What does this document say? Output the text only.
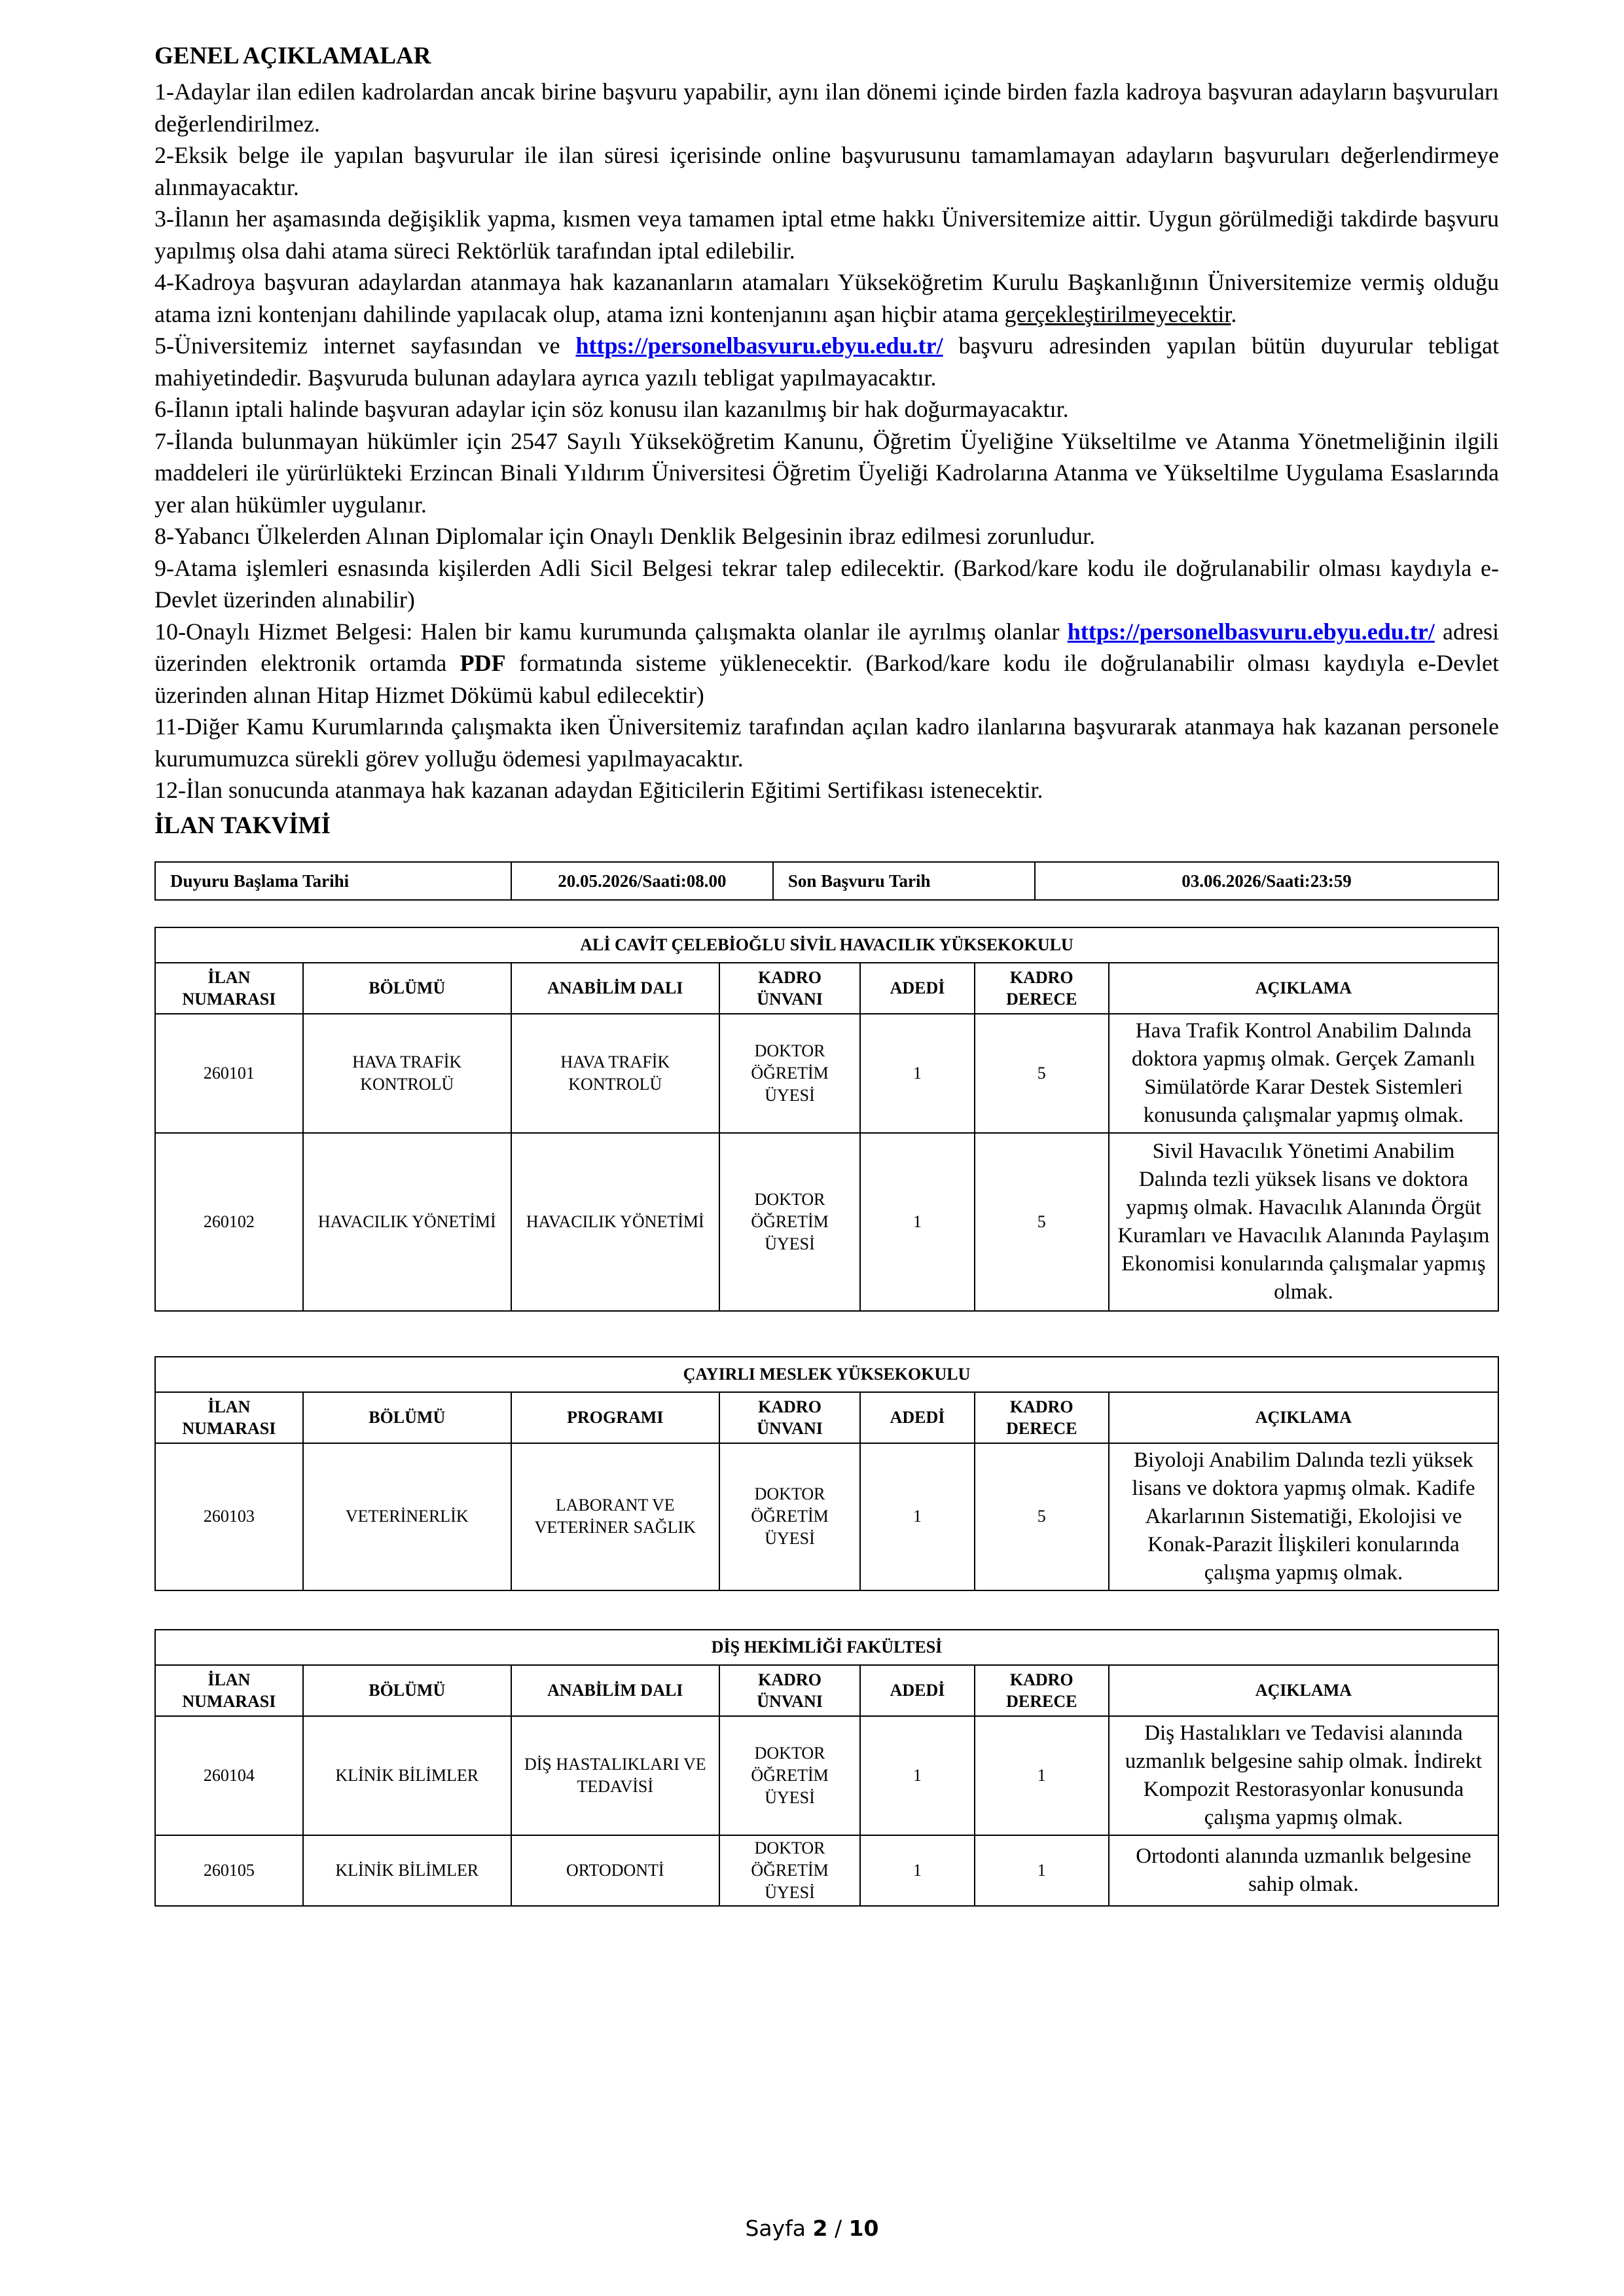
GENEL AÇIKLAMALAR

1-Adaylar ilan edilen kadrolardan ancak birine başvuru yapabilir, aynı ilan dönemi içinde birden fazla kadroya başvuran adayların başvuruları değerlendirilmez.

2-Eksik belge ile yapılan başvurular ile ilan süresi içerisinde online başvurusunu tamamlamayan adayların başvuruları değerlendirmeye alınmayacaktır.

3-İlanın her aşamasında değişiklik yapma, kısmen veya tamamen iptal etme hakkı Üniversitemize aittir. Uygun görülmediği takdirde başvuru yapılmış olsa dahi atama süreci Rektörlük tarafından iptal edilebilir.

4-Kadroya başvuran adaylardan atanmaya hak kazananların atamaları Yükseköğretim Kurulu Başkanlığının Üniversitemize vermiş olduğu atama izni kontenjanı dahilinde yapılacak olup, atama izni kontenjanını aşan hiçbir atama gerçekleştirilmeyecektir.

5-Üniversitemiz internet sayfasından ve https://personelbasvuru.ebyu.edu.tr/ başvuru adresinden yapılan bütün duyurular tebligat mahiyetindedir. Başvuruda bulunan adaylara ayrıca yazılı tebligat yapılmayacaktır.

6-İlanın iptali halinde başvuran adaylar için söz konusu ilan kazanılmış bir hak doğurmayacaktır.

7-İlanda bulunmayan hükümler için 2547 Sayılı Yükseköğretim Kanunu, Öğretim Üyeliğine Yükseltilme ve Atanma Yönetmeliğinin ilgili maddeleri ile yürürlükteki Erzincan Binali Yıldırım Üniversitesi Öğretim Üyeliği Kadrolarına Atanma ve Yükseltilme Uygulama Esaslarında yer alan hükümler uygulanır.

8-Yabancı Ülkelerden Alınan Diplomalar için Onaylı Denklik Belgesinin ibraz edilmesi zorunludur.

9-Atama işlemleri esnasında kişilerden Adli Sicil Belgesi tekrar talep edilecektir. (Barkod/kare kodu ile doğrulanabilir olması kaydıyla e-Devlet üzerinden alınabilir)

10-Onaylı Hizmet Belgesi: Halen bir kamu kurumunda çalışmakta olanlar ile ayrılmış olanlar https://personelbasvuru.ebyu.edu.tr/ adresi üzerinden elektronik ortamda PDF formatında sisteme yüklenecektir. (Barkod/kare kodu ile doğrulanabilir olması kaydıyla e-Devlet üzerinden alınan Hitap Hizmet Dökümü kabul edilecektir)

11-Diğer Kamu Kurumlarında çalışmakta iken Üniversitemiz tarafından açılan kadro ilanlarına başvurarak atanmaya hak kazanan personele kurumumuzca sürekli görev yolluğu ödemesi yapılmayacaktır.

12-İlan sonucunda atanmaya hak kazanan adaydan Eğiticilerin Eğitimi Sertifikası istenecektir.

İLAN TAKVİMİ

Duyuru Başlama Tarihi	20.05.2026/Saati:08.00	Son Başvuru Tarih	03.06.2026/Saati:23:59
ALİ CAVİT ÇELEBİOĞLU SİVİL HAVACILIK YÜKSEKOKULU						
İLAN NUMARASI	BÖLÜMÜ	ANABİLİM DALI	KADRO ÜNVANI	ADEDİ	KADRO DERECE	AÇIKLAMA
260101	HAVA TRAFİK KONTROLÜ	HAVA TRAFİK KONTROLÜ	DOKTOR ÖĞRETİM ÜYESİ	1	5	Hava Trafik Kontrol Anabilim Dalında doktora yapmış olmak. Gerçek Zamanlı Simülatörde Karar Destek Sistemleri konusunda çalışmalar yapmış olmak.
260102	HAVACILIK YÖNETİMİ	HAVACILIK YÖNETİMİ	DOKTOR ÖĞRETİM ÜYESİ	1	5	Sivil Havacılık Yönetimi Anabilim Dalında tezli yüksek lisans ve doktora yapmış olmak. Havacılık Alanında Örgüt Kuramları ve Havacılık Alanında Paylaşım Ekonomisi konularında çalışmalar yapmış olmak.
ÇAYIRLI MESLEK YÜKSEKOKULU						
İLAN NUMARASI	BÖLÜMÜ	PROGRAMI	KADRO ÜNVANI	ADEDİ	KADRO DERECE	AÇIKLAMA
260103	VETERİNERLİK	LABORANT VE VETERİNER SAĞLIK	DOKTOR ÖĞRETİM ÜYESİ	1	5	Biyoloji Anabilim Dalında tezli yüksek lisans ve doktora yapmış olmak. Kadife Akarlarının Sistematiği, Ekolojisi ve Konak-Parazit İlişkileri konularında çalışma yapmış olmak.
DİŞ HEKİMLİĞİ FAKÜLTESİ						
İLAN NUMARASI	BÖLÜMÜ	ANABİLİM DALI	KADRO ÜNVANI	ADEDİ	KADRO DERECE	AÇIKLAMA
260104	KLİNİK BİLİMLER	DİŞ HASTALIKLARI VE TEDAVİSİ	DOKTOR ÖĞRETİM ÜYESİ	1	1	Diş Hastalıkları ve Tedavisi alanında uzmanlık belgesine sahip olmak. İndirekt Kompozit Restorasyonlar konusunda çalışma yapmış olmak.
260105	KLİNİK BİLİMLER	ORTODONTİ	DOKTOR ÖĞRETİM ÜYESİ	1	1	Ortodonti alanında uzmanlık belgesine sahip olmak.
Sayfa 2 / 10
